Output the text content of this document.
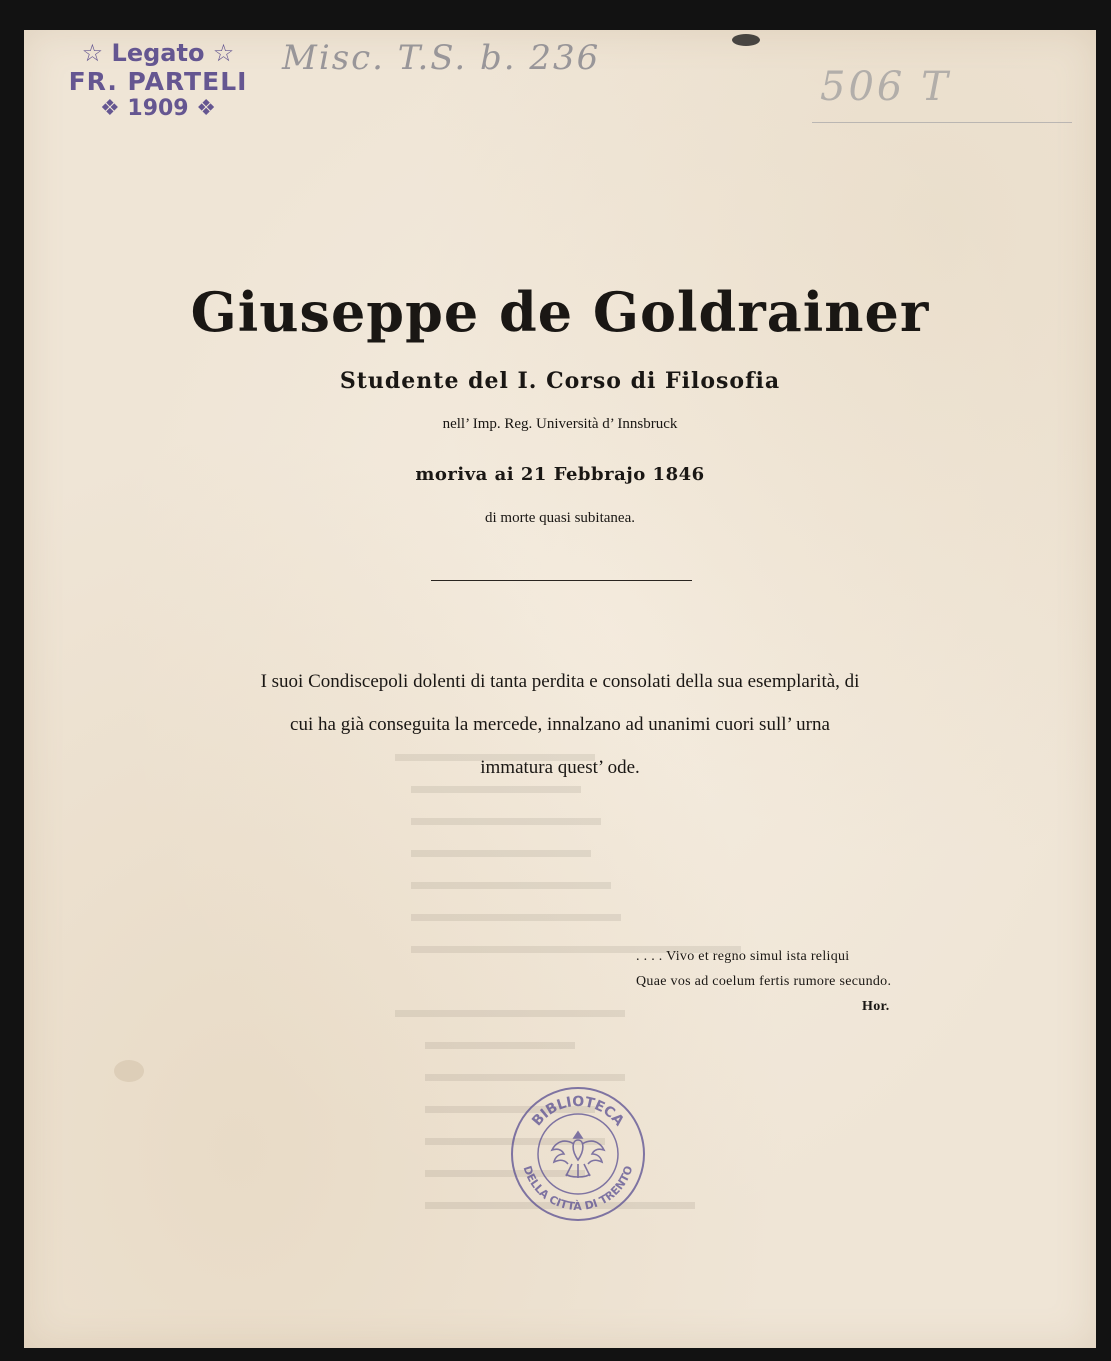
☆ Legato ☆
FR. PARTELI
❖ 1909 ❖
Misc. T.S. b. 236
506 T
Giuseppe de Goldrainer
Studente del I. Corso di Filosofia
nell’ Imp. Reg. Università d’ Innsbruck
moriva ai 21 Febbrajo 1846
di morte quasi subitanea.
I suoi Condiscepoli dolenti di tanta perdita e consolati della sua esemplarità, di
cui ha già conseguita la mercede, innalzano ad unanimi cuori sull’ urna
immatura quest’ ode.
. . . . Vivo et regno simul ista reliqui
Quae vos ad coelum fertis rumore secundo.
Hor.
BIBLIOTECA
DELLA CITTÀ DI TRENTO
